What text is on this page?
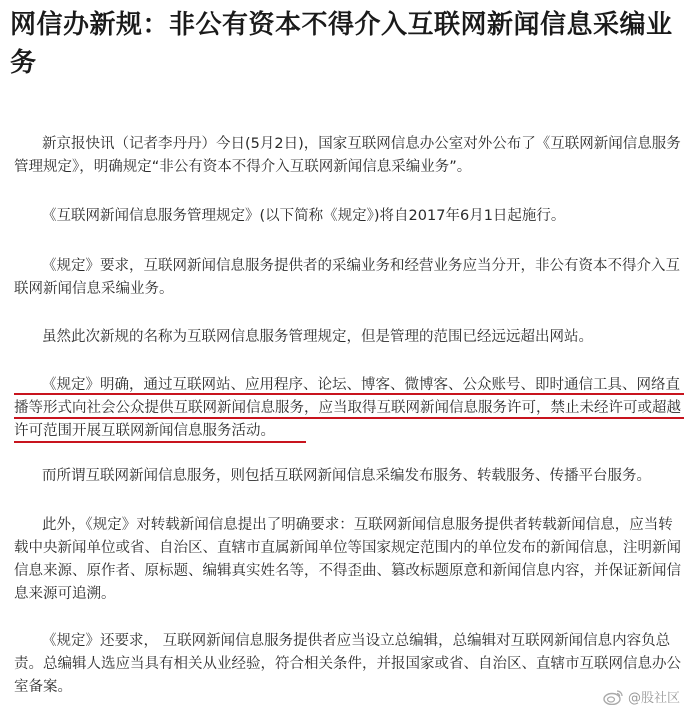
网信办新规：非公有资本不得介入互联网新闻信息采编业务

新京报快讯（记者李丹丹）今日(5月2日)，国家互联网信息办公室对外公布了《互联网新闻信息服务管理规定》，明确规定“非公有资本不得介入互联网新闻信息采编业务”。

《互联网新闻信息服务管理规定》(以下简称《规定》)将自2017年6月1日起施行。

《规定》要求，互联网新闻信息服务提供者的采编业务和经营业务应当分开，非公有资本不得介入互联网新闻信息采编业务。

虽然此次新规的名称为互联网信息服务管理规定，但是管理的范围已经远远超出网站。

《规定》明确，通过互联网站、应用程序、论坛、博客、微博客、公众账号、即时通信工具、网络直播等形式向社会公众提供互联网新闻信息服务，应当取得互联网新闻信息服务许可，禁止未经许可或超越许可范围开展互联网新闻信息服务活动。

而所谓互联网新闻信息服务，则包括互联网新闻信息采编发布服务、转载服务、传播平台服务。

此外，《规定》对转载新闻信息提出了明确要求：互联网新闻信息服务提供者转载新闻信息，应当转载中央新闻单位或省、自治区、直辖市直属新闻单位等国家规定范围内的单位发布的新闻信息，注明新闻信息来源、原作者、原标题、编辑真实姓名等，不得歪曲、篡改标题原意和新闻信息内容，并保证新闻信息来源可追溯。

《规定》还要求， 互联网新闻信息服务提供者应当设立总编辑，总编辑对互联网新闻信息内容负总责。总编辑人选应当具有相关从业经验，符合相关条件，并报国家或省、自治区、直辖市互联网信息办公室备案。

@股社区
